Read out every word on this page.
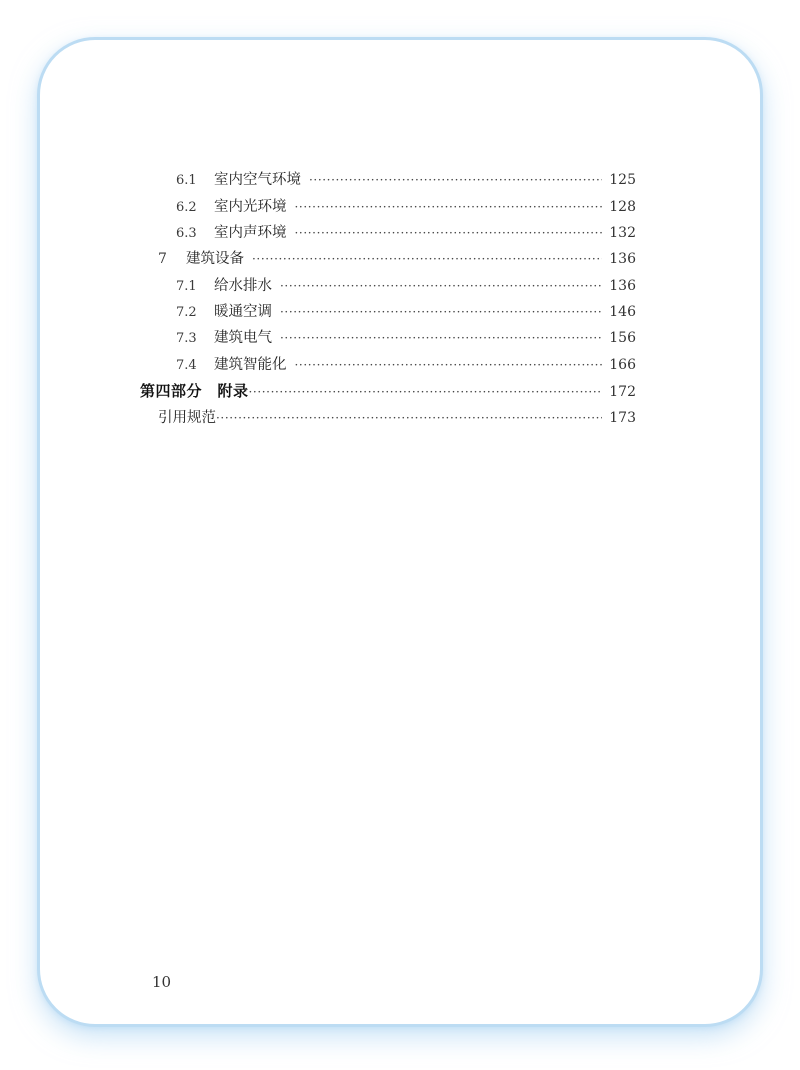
6.1	室内空气环境 ·····	125
6.2	室内光环境 ·····	128
6.3	室内声环境 ·····	132
7	建筑设备 ·····	136
7.1	给水排水 ·····	136
7.2	暖通空调 ·····	146
7.3	建筑电气 ·····	156
7.4	建筑智能化 ·····	166
第四部分　附录 ·····	172
引用规范 ·····	173
10
